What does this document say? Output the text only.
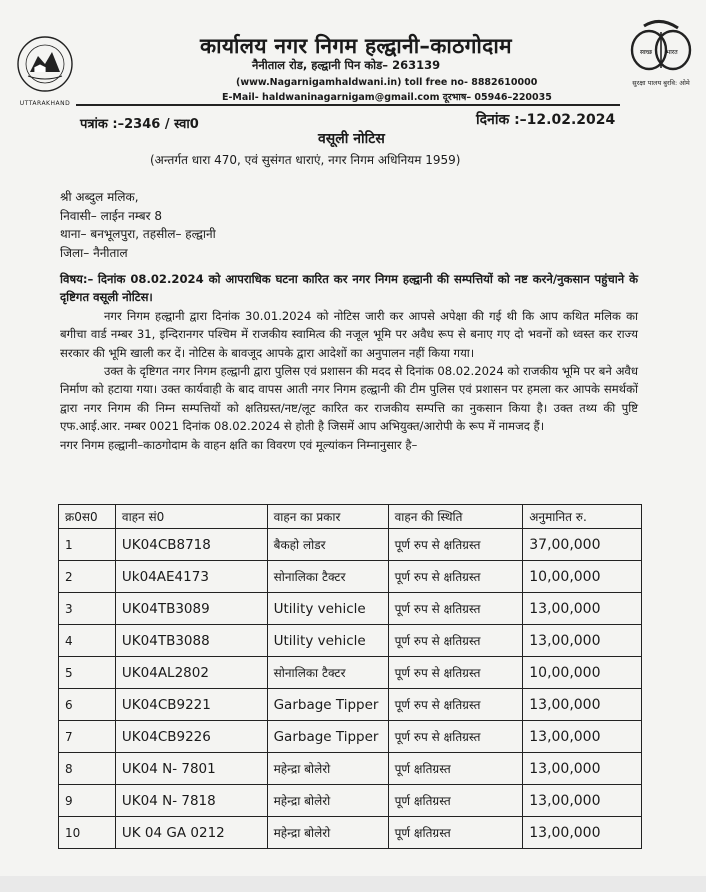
UTTARAKHAND
स्वच्छ भारत
सुरक्षा पालय बुरवि: ओमे
कार्यालय नगर निगम हल्द्वानी–काठगोदाम
नैनीताल रोड, हल्द्वानी पिन कोड– 263139
(www.Nagarnigamhaldwani.in) toll free no- 8882610000
E-Mail- haldwaninagarnigam@gmail.com दूरभाष– 05946–220035
पत्रांक :–2346 / स्वा0	दिनांक :–12.02.2024
वसूली नोटिस
(अन्तर्गत धारा 470, एवं सुसंगत धाराएं, नगर निगम अधिनियम 1959)
श्री अब्दुल मलिक,
निवासी– लाईन नम्बर 8
थाना– बनभूलपुरा, तहसील– हल्द्वानी
जिला– नैनीताल

विषय:– दिनांक 08.02.2024 को आपराधिक घटना कारित कर नगर निगम हल्द्वानी की सम्पत्तियों को नष्ट करने/नुकसान पहुंचाने के दृष्टिगत वसूली नोटिस।

नगर निगम हल्द्वानी द्वारा दिनांक 30.01.2024 को नोटिस जारी कर आपसे अपेक्षा की गई थी कि आप कथित मलिक का बगीचा वार्ड नम्बर 31, इन्दिरानगर पश्चिम में राजकीय स्वामित्व की नजूल भूमि पर अवैध रूप से बनाए गए दो भवनों को ध्वस्त कर राज्य सरकार की भूमि खाली कर दें। नोटिस के बावजूद आपके द्वारा आदेशों का अनुपालन नहीं किया गया।

उक्त के दृष्टिगत नगर निगम हल्द्वानी द्वारा पुलिस एवं प्रशासन की मदद से दिनांक 08.02.2024 को राजकीय भूमि पर बने अवैध निर्माण को हटाया गया। उक्त कार्यवाही के बाद वापस आती नगर निगम हल्द्वानी की टीम पुलिस एवं प्रशासन पर हमला कर आपके समर्थकों द्वारा नगर निगम की निम्न सम्पत्तियों को क्षतिग्रस्त/नष्ट/लूट कारित कर राजकीय सम्पत्ति का नुकसान किया है। उक्त तथ्य की पुष्टि एफ.आई.आर. नम्बर 0021 दिनांक 08.02.2024 से होती है जिसमें आप अभियुक्त/आरोपी के रूप में नामजद हैं।

नगर निगम हल्द्वानी–काठगोदाम के वाहन क्षति का विवरण एवं मूल्यांकन निम्नानुसार है–

क्र0स0	वाहन सं0	वाहन का प्रकार	वाहन की स्थिति	अनुमानित रु.
1	UK04CB8718	बैकहो लोडर	पूर्ण रुप से क्षतिग्रस्त	37,00,000
2	Uk04AE4173	सोनालिका टैक्टर	पूर्ण रुप से क्षतिग्रस्त	10,00,000
3	UK04TB3089	Utility vehicle	पूर्ण रुप से क्षतिग्रस्त	13,00,000
4	UK04TB3088	Utility vehicle	पूर्ण रुप से क्षतिग्रस्त	13,00,000
5	UK04AL2802	सोनालिका टैक्टर	पूर्ण रुप से क्षतिग्रस्त	10,00,000
6	UK04CB9221	Garbage Tipper	पूर्ण रुप से क्षतिग्रस्त	13,00,000
7	UK04CB9226	Garbage Tipper	पूर्ण रुप से क्षतिग्रस्त	13,00,000
8	UK04 N- 7801	महेन्द्रा बोलेरो	पूर्ण क्षतिग्रस्त	13,00,000
9	UK04 N- 7818	महेन्द्रा बोलेरो	पूर्ण क्षतिग्रस्त	13,00,000
10	UK 04 GA 0212	महेन्द्रा बोलेरो	पूर्ण क्षतिग्रस्त	13,00,000
